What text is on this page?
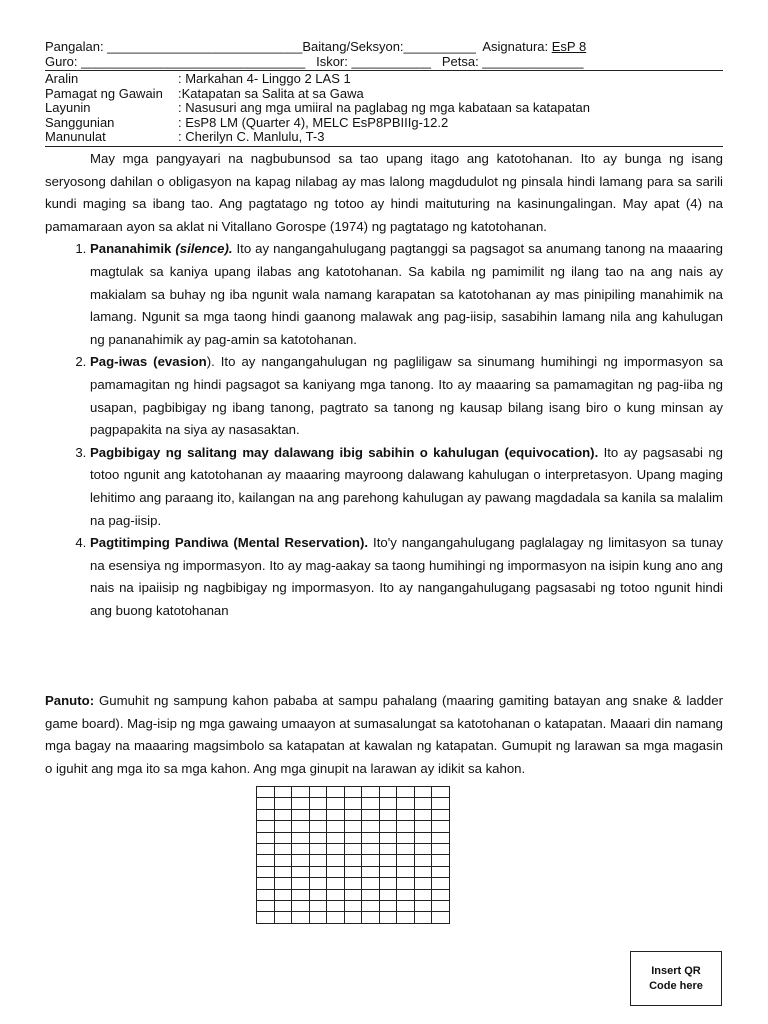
Pangalan: ___________________________Baitang/Seksyon:__________  Asignatura: EsP 8
Guro: _______________________________   Iskor: ___________   Petsa: ______________
Aralin	: Markahan 4- Linggo 2 LAS 1
Pamagat ng Gawain	:Katapatan sa Salita at sa Gawa
Layunin	: Nasusuri ang mga umiiral na paglabag ng mga kabataan sa katapatan
Sanggunian	: EsP8 LM (Quarter 4), MELC EsP8PBIIIg-12.2
Manunulat	: Cherilyn C. Manlulu, T-3

May mga pangyayari na nagbubunsod sa tao upang itago ang katotohanan. Ito ay bunga ng isang seryosong dahilan o obligasyon na kapag nilabag ay mas lalong magdudulot ng pinsala hindi lamang para sa sarili kundi maging sa ibang tao. Ang pagtatago ng totoo ay hindi maituturing na kasinungalingan. May apat (4) na pamamaraan ayon sa aklat ni Vitallano Gorospe (1974) ng pagtatago ng katotohanan.

1. Pananahimik (silence). Ito ay nangangahulugang pagtanggi sa pagsagot sa anumang tanong na maaaring magtulak sa kaniya upang ilabas ang katotohanan. Sa kabila ng pamimilit ng ilang tao na ang nais ay makialam sa buhay ng iba ngunit wala namang karapatan sa katotohanan ay mas pinipiling manahimik na lamang. Ngunit sa mga taong hindi gaanong malawak ang pag-iisip, sasabihin lamang nila ang kahulugan ng pananahimik ay pag-amin sa katotohanan.
2. Pag-iwas (evasion). Ito ay nangangahulugan ng pagliligaw sa sinumang humihingi ng impormasyon sa pamamagitan ng hindi pagsagot sa kaniyang mga tanong. Ito ay maaaring sa pamamagitan ng pag-iiba ng usapan, pagbibigay ng ibang tanong, pagtrato sa tanong ng kausap bilang isang biro o kung minsan ay pagpapakita na siya ay nasasaktan.
3. Pagbibigay ng salitang may dalawang ibig sabihin o kahulugan (equivocation). Ito ay pagsasabi ng totoo ngunit ang katotohanan ay maaaring mayroong dalawang kahulugan o interpretasyon. Upang maging lehitimo ang paraang ito, kailangan na ang parehong kahulugan ay pawang magdadala sa kanila sa malalim na pag-iisip.
4. Pagtitimping Pandiwa (Mental Reservation). Ito'y nangangahulugang paglalagay ng limitasyon sa tunay na esensiya ng impormasyon. Ito ay mag-aakay sa taong humihingi ng impormasyon na isipin kung ano ang nais na ipaiisip ng nagbibigay ng impormasyon. Ito ay nangangahulugang pagsasabi ng totoo ngunit hindi ang buong katotohanan

Panuto: Gumuhit ng sampung kahon pababa at sampu pahalang (maaring gamiting batayan ang snake & ladder game board). Mag-isip ng mga gawaing umaayon at sumasalungat sa katotohanan o katapatan. Maaari din namang mga bagay na maaaring magsimbolo sa katapatan at kawalan ng katapatan. Gumupit ng larawan sa mga magasin o iguhit ang mga ito sa mga kahon. Ang mga ginupit na larawan ay idikit sa kahon.

Insert QR
Code here
